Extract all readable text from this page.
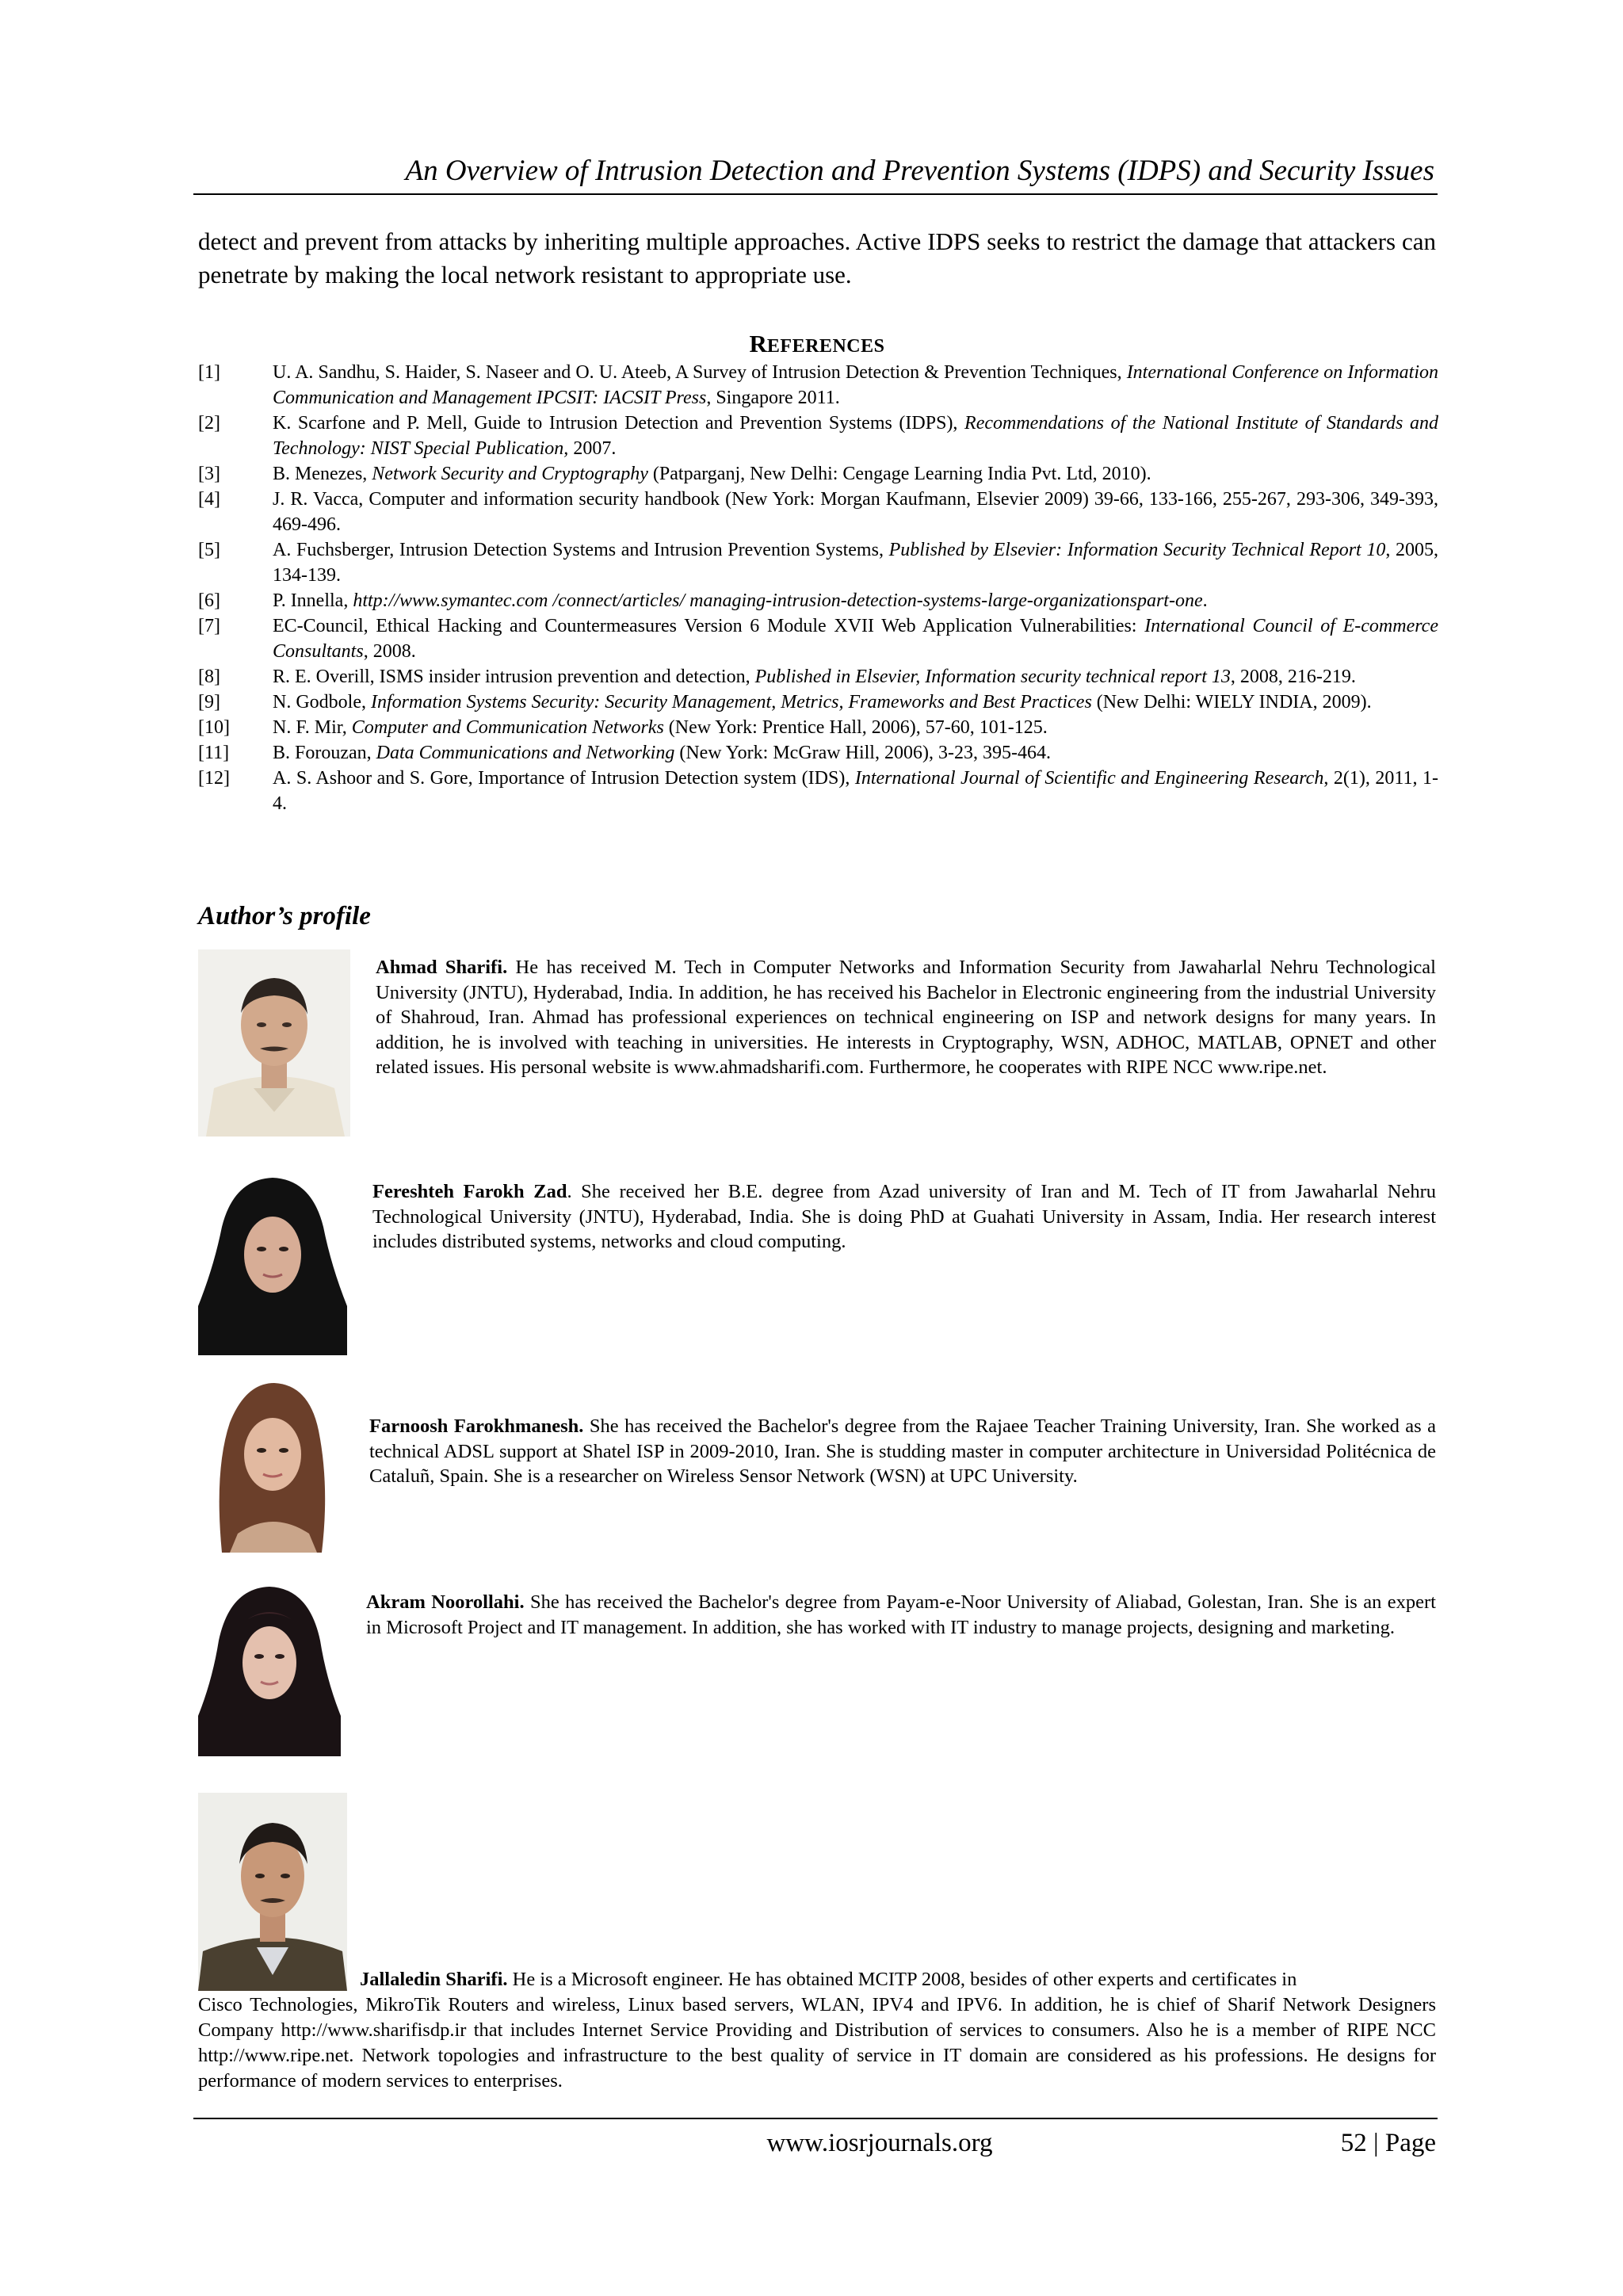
An Overview of Intrusion Detection and Prevention Systems (IDPS) and Security Issues
detect and prevent from attacks by inheriting multiple approaches. Active IDPS seeks to restrict the damage that attackers can penetrate by making the local network resistant to appropriate use.
REFERENCES
[1]	U. A. Sandhu, S. Haider, S. Naseer and O. U. Ateeb, A Survey of Intrusion Detection & Prevention Techniques, International Conference on Information Communication and Management IPCSIT: IACSIT Press, Singapore 2011.
[2]	K. Scarfone and P. Mell, Guide to Intrusion Detection and Prevention Systems (IDPS), Recommendations of the National Institute of Standards and Technology: NIST Special Publication, 2007.
[3]	B. Menezes, Network Security and Cryptography (Patparganj, New Delhi: Cengage Learning India Pvt. Ltd, 2010).
[4]	J. R. Vacca, Computer and information security handbook (New York: Morgan Kaufmann, Elsevier 2009) 39-66, 133-166, 255-267, 293-306, 349-393, 469-496.
[5]	A. Fuchsberger, Intrusion Detection Systems and Intrusion Prevention Systems, Published by Elsevier: Information Security Technical Report 10, 2005, 134-139.
[6]	P. Innella, http://www.symantec.com /connect/articles/ managing-intrusion-detection-systems-large-organizationspart-one.
[7]	EC-Council, Ethical Hacking and Countermeasures Version 6 Module XVII Web Application Vulnerabilities: International Council of E-commerce Consultants, 2008.
[8]	R. E. Overill, ISMS insider intrusion prevention and detection, Published in Elsevier, Information security technical report 13, 2008, 216-219.
[9]	N. Godbole, Information Systems Security: Security Management, Metrics, Frameworks and Best Practices (New Delhi: WIELY INDIA, 2009).
[10]	N. F. Mir, Computer and Communication Networks (New York: Prentice Hall, 2006), 57-60, 101-125.
[11]	B. Forouzan, Data Communications and Networking (New York: McGraw Hill, 2006), 3-23, 395-464.
[12]	A. S. Ashoor and S. Gore, Importance of Intrusion Detection system (IDS), International Journal of Scientific and Engineering Research, 2(1), 2011, 1-4.
Author’s profile
Ahmad Sharifi. He has received M. Tech in Computer Networks and Information Security from Jawaharlal Nehru Technological University (JNTU), Hyderabad, India. In addition, he has received his Bachelor in Electronic engineering from the industrial University of Shahroud, Iran. Ahmad has professional experiences on technical engineering on ISP and network designs for many years. In addition, he is involved with teaching in universities. He interests in Cryptography, WSN, ADHOC, MATLAB, OPNET and other related issues. His personal website is www.ahmadsharifi.com. Furthermore, he cooperates with RIPE NCC www.ripe.net.
Fereshteh Farokh Zad. She received her B.E. degree from Azad university of Iran and M. Tech of IT from Jawaharlal Nehru Technological University (JNTU), Hyderabad, India. She is doing PhD at Guahati University in Assam, India. Her research interest includes distributed systems, networks and cloud computing.
Farnoosh Farokhmanesh. She has received the Bachelor's degree from the Rajaee Teacher Training University, Iran. She worked as a technical ADSL support at Shatel ISP in 2009-2010, Iran. She is studding master in computer architecture in Universidad Politécnica de Cataluñ, Spain. She is a researcher on Wireless Sensor Network (WSN) at UPC University.
Akram Noorollahi. She has received the Bachelor's degree from Payam-e-Noor University of Aliabad, Golestan, Iran. She is an expert in Microsoft Project and IT management. In addition, she has worked with IT industry to manage projects, designing and marketing.
Jallaledin Sharifi. He is a Microsoft engineer. He has obtained MCITP 2008, besides of other experts and certificates in
Cisco Technologies, MikroTik Routers and wireless, Linux based servers, WLAN, IPV4 and IPV6. In addition, he is chief of Sharif Network Designers Company http://www.sharifisdp.ir that includes Internet Service Providing and Distribution of services to consumers. Also he is a member of RIPE NCC http://www.ripe.net. Network topologies and infrastructure to the best quality of service in IT domain are considered as his professions. He designs for performance of modern services to enterprises.
www.iosrjournals.org	52 | Page
